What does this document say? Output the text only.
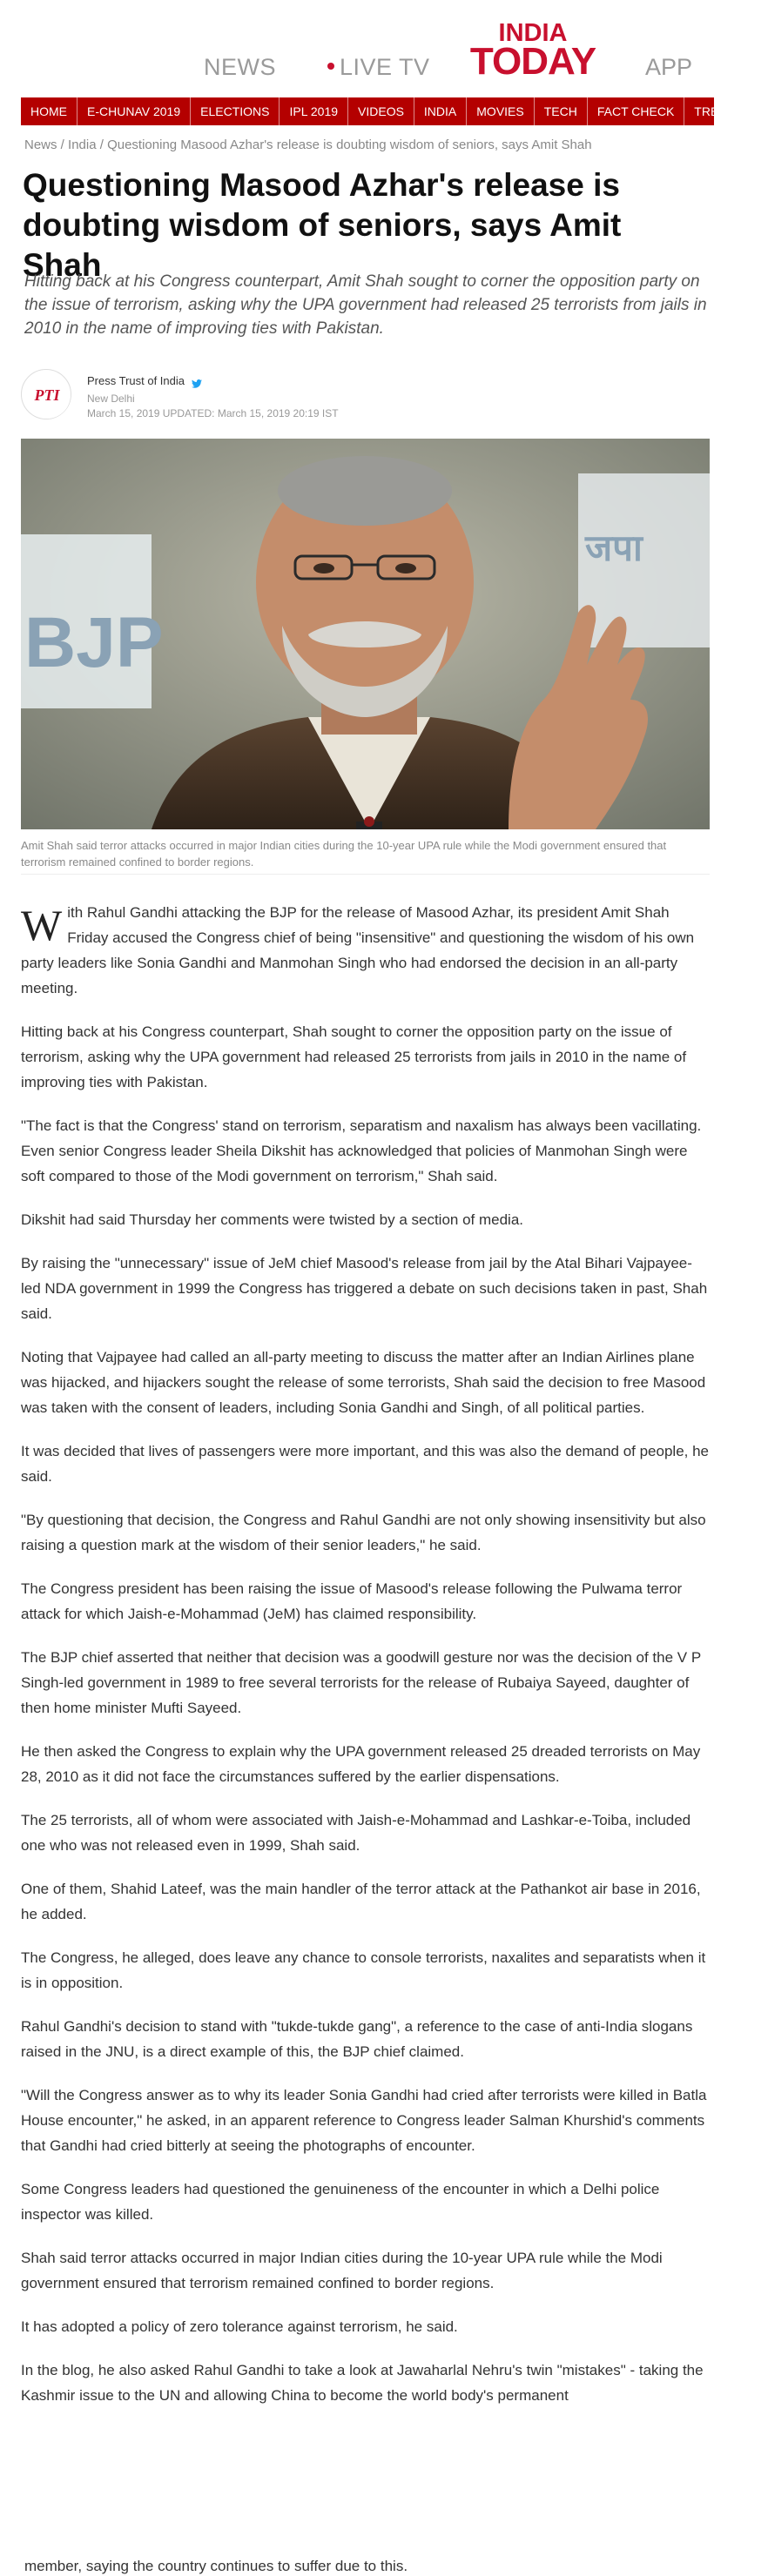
NEWS	LIVE TV
INDIA
TODAY APP
HOME E-CHUNAV 2019 ELECTIONS IPL 2019 VIDEOS INDIA MOVIES TECH FACT CHECK TRENDING
News / India / Questioning Masood Azhar's release is doubting wisdom of seniors, says Amit Shah
Questioning Masood Azhar's release is doubting wisdom of seniors, says Amit Shah

Hitting back at his Congress counterpart, Amit Shah sought to corner the opposition party on the issue of terrorism, asking why the UPA government had released 25 terrorists from jails in 2010 in the name of improving ties with Pakistan.

PTI
Press Trust of India
New Delhi
March 15, 2019 UPDATED: March 15, 2019 20:19 IST
BJP
जपा
Amit Shah said terror attacks occurred in major Indian cities during the 10-year UPA rule while the Modi government ensured that terrorism remained confined to border regions.

With Rahul Gandhi attacking the BJP for the release of Masood Azhar, its president Amit Shah Friday accused the Congress chief of being "insensitive" and questioning the wisdom of his own party leaders like Sonia Gandhi and Manmohan Singh who had endorsed the decision in an all-party meeting.

Hitting back at his Congress counterpart, Shah sought to corner the opposition party on the issue of terrorism, asking why the UPA government had released 25 terrorists from jails in 2010 in the name of improving ties with Pakistan.

"The fact is that the Congress' stand on terrorism, separatism and naxalism has always been vacillating. Even senior Congress leader Sheila Dikshit has acknowledged that policies of Manmohan Singh were soft compared to those of the Modi government on terrorism," Shah said.

Dikshit had said Thursday her comments were twisted by a section of media.

By raising the "unnecessary" issue of JeM chief Masood's release from jail by the Atal Bihari Vajpayee-led NDA government in 1999 the Congress has triggered a debate on such decisions taken in past, Shah said.

Noting that Vajpayee had called an all-party meeting to discuss the matter after an Indian Airlines plane was hijacked, and hijackers sought the release of some terrorists, Shah said the decision to free Masood was taken with the consent of leaders, including Sonia Gandhi and Singh, of all political parties.

It was decided that lives of passengers were more important, and this was also the demand of people, he said.

"By questioning that decision, the Congress and Rahul Gandhi are not only showing insensitivity but also raising a question mark at the wisdom of their senior leaders," he said.

The Congress president has been raising the issue of Masood's release following the Pulwama terror attack for which Jaish-e-Mohammad (JeM) has claimed responsibility.

The BJP chief asserted that neither that decision was a goodwill gesture nor was the decision of the V P Singh-led government in 1989 to free several terrorists for the release of Rubaiya Sayeed, daughter of then home minister Mufti Sayeed.

He then asked the Congress to explain why the UPA government released 25 dreaded terrorists on May 28, 2010 as it did not face the circumstances suffered by the earlier dispensations.

The 25 terrorists, all of whom were associated with Jaish-e-Mohammad and Lashkar-e-Toiba, included one who was not released even in 1999, Shah said.

One of them, Shahid Lateef, was the main handler of the terror attack at the Pathankot air base in 2016, he added.

The Congress, he alleged, does leave any chance to console terrorists, naxalites and separatists when it is in opposition.

Rahul Gandhi's decision to stand with "tukde-tukde gang", a reference to the case of anti-India slogans raised in the JNU, is a direct example of this, the BJP chief claimed.

"Will the Congress answer as to why its leader Sonia Gandhi had cried after terrorists were killed in Batla House encounter," he asked, in an apparent reference to Congress leader Salman Khurshid's comments that Gandhi had cried bitterly at seeing the photographs of encounter.

Some Congress leaders had questioned the genuineness of the encounter in which a Delhi police inspector was killed.

Shah said terror attacks occurred in major Indian cities during the 10-year UPA rule while the Modi government ensured that terrorism remained confined to border regions.

It has adopted a policy of zero tolerance against terrorism, he said.

In the blog, he also asked Rahul Gandhi to take a look at Jawaharlal Nehru's twin "mistakes" - taking the Kashmir issue to the UN and allowing China to become the world body's permanent

member, saying the country continues to suffer due to this.
